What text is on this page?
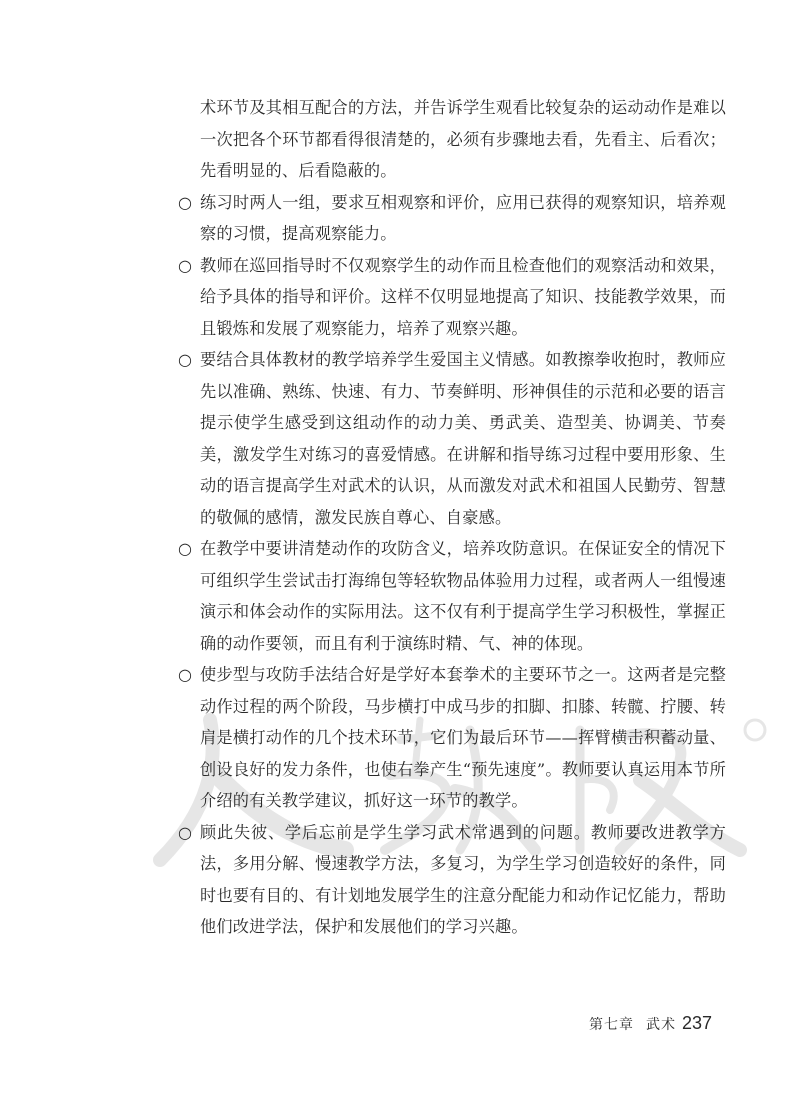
术环节及其相互配合的方法，并告诉学生观看比较复杂的运动动作是难以一次把各个环节都看得很清楚的，必须有步骤地去看，先看主、后看次；先看明显的、后看隐蔽的。

○ 练习时两人一组，要求互相观察和评价，应用已获得的观察知识，培养观察的习惯，提高观察能力。
○ 教师在巡回指导时不仅观察学生的动作而且检查他们的观察活动和效果，给予具体的指导和评价。这样不仅明显地提高了知识、技能教学效果，而且锻炼和发展了观察能力，培养了观察兴趣。
○ 要结合具体教材的教学培养学生爱国主义情感。如教擦拳收抱时，教师应先以准确、熟练、快速、有力、节奏鲜明、形神俱佳的示范和必要的语言提示使学生感受到这组动作的动力美、勇武美、造型美、协调美、节奏美，激发学生对练习的喜爱情感。在讲解和指导练习过程中要用形象、生动的语言提高学生对武术的认识，从而激发对武术和祖国人民勤劳、智慧的敬佩的感情，激发民族自尊心、自豪感。
○ 在教学中要讲清楚动作的攻防含义，培养攻防意识。在保证安全的情况下可组织学生尝试击打海绵包等轻软物品体验用力过程，或者两人一组慢速演示和体会动作的实际用法。这不仅有利于提高学生学习积极性，掌握正确的动作要领，而且有利于演练时精、气、神的体现。
○ 使步型与攻防手法结合好是学好本套拳术的主要环节之一。这两者是完整动作过程的两个阶段，马步横打中成马步的扣脚、扣膝、转髋、拧腰、转肩是横打动作的几个技术环节，它们为最后环节——挥臂横击积蓄动量、创设良好的发力条件，也使右拳产生“预先速度”。教师要认真运用本节所介绍的有关教学建议，抓好这一环节的教学。
○ 顾此失彼、学后忘前是学生学习武术常遇到的问题。教师要改进教学方法，多用分解、慢速教学方法，多复习，为学生学习创造较好的条件，同时也要有目的、有计划地发展学生的注意分配能力和动作记忆能力，帮助他们改进学法，保护和发展他们的学习兴趣。
第七章 武术 237
